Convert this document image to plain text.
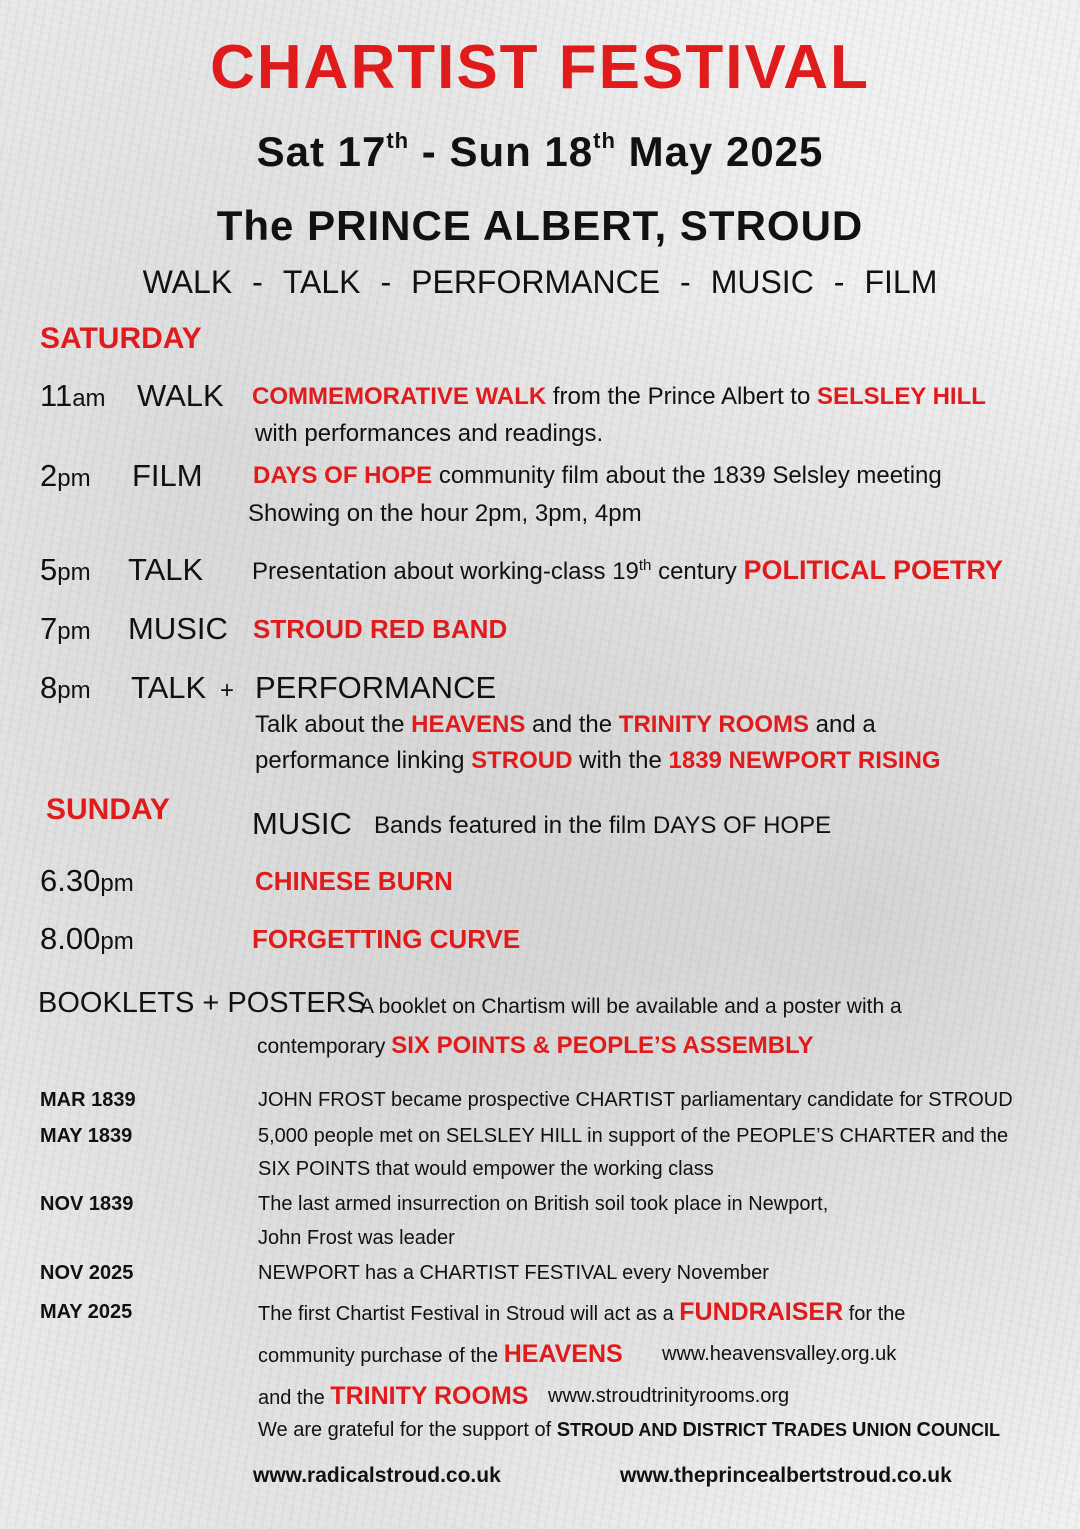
CHARTIST FESTIVAL
Sat 17th - Sun 18th May 2025
The PRINCE ALBERT, STROUD
WALK - TALK - PERFORMANCE - MUSIC - FILM
SATURDAY
11am WALK COMMEMORATIVE WALK from the Prince Albert to SELSLEY HILL
with performances and readings.
2pm FILM DAYS OF HOPE community film about the 1839 Selsley meeting
Showing on the hour 2pm, 3pm, 4pm
5pm TALK Presentation about working-class 19th century POLITICAL POETRY
7pm MUSIC STROUD RED BAND
8pm TALK + PERFORMANCE
Talk about the HEAVENS and the TRINITY ROOMS and a
performance linking STROUD with the 1839 NEWPORT RISING
SUNDAY	MUSIC Bands featured in the film DAYS OF HOPE
6.30pm	CHINESE BURN
8.00pm	FORGETTING CURVE
BOOKLETS + POSTERS
A booklet on Chartism will be available and a poster with a
contemporary SIX POINTS & PEOPLE’S ASSEMBLY
MAR 1839	JOHN FROST became prospective CHARTIST parliamentary candidate for STROUD
MAY 1839	5,000 people met on SELSLEY HILL in support of the PEOPLE’S CHARTER and the
SIX POINTS that would empower the working class
NOV 1839	The last armed insurrection on British soil took place in Newport,
John Frost was leader
NOV 2025	NEWPORT has a CHARTIST FESTIVAL every November
MAY 2025	The first Chartist Festival in Stroud will act as a FUNDRAISER for the
community purchase of the HEAVENS www.heavensvalley.org.uk
and the TRINITY ROOMS www.stroudtrinityrooms.org
We are grateful for the support of STROUD AND DISTRICT TRADES UNION COUNCIL
www.radicalstroud.co.uk	www.theprincealbertstroud.co.uk
